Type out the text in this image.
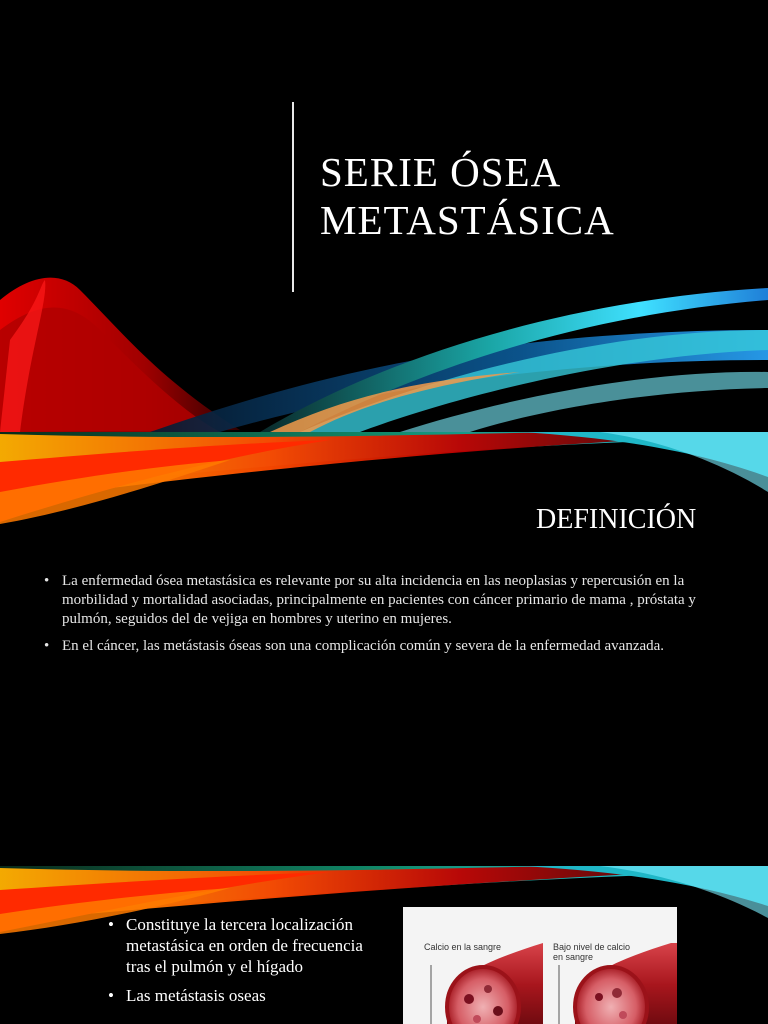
SERIE ÓSEA
METASTÁSICA
DEFINICIÓN
• La enfermedad ósea metastásica es relevante por su alta incidencia en las neoplasias y repercusión en la morbilidad y mortalidad asociadas, principalmente en pacientes con cáncer primario de mama , próstata y pulmón, seguidos del de vejiga en hombres y uterino en mujeres.
• En el cáncer, las metástasis óseas son una complicación común y severa de la enfermedad avanzada.
• Constituye la tercera localización metastásica en orden de frecuencia tras el pulmón y el hígado
• Las metástasis oseas
Calcio en la sangre	Bajo nivel de calcio en sangre
